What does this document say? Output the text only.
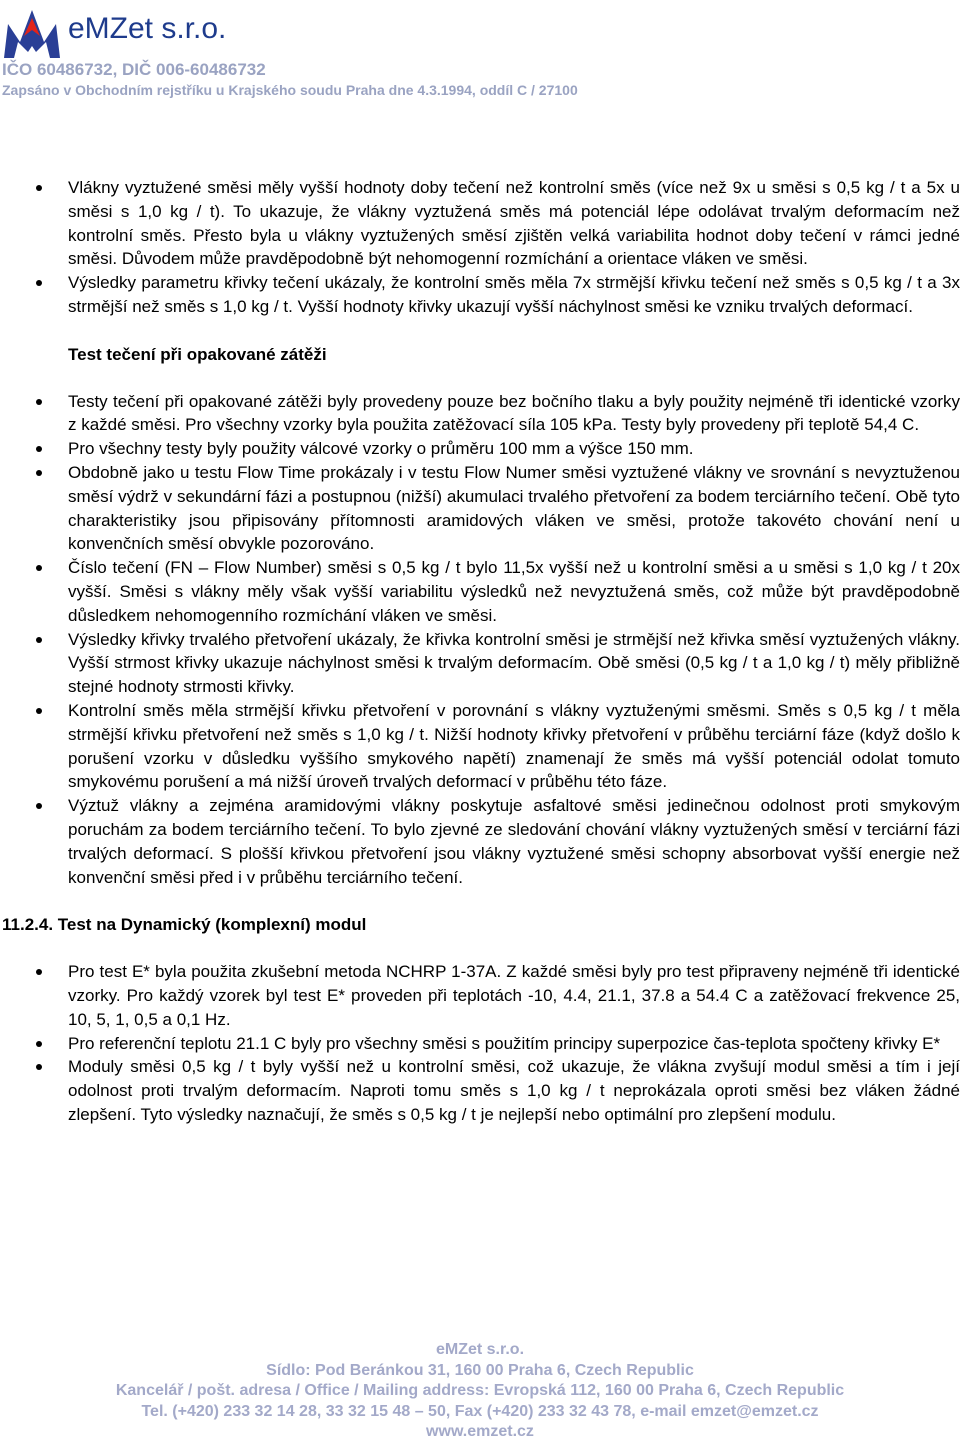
eMZet s.r.o.
IČO 60486732, DIČ 006-60486732
Zapsáno v Obchodním rejstříku u Krajského soudu Praha dne 4.3.1994, oddíl C / 27100
Vlákny vyztužené směsi měly vyšší hodnoty doby tečení než kontrolní směs (více než 9x u směsi s 0,5 kg / t a 5x u směsi s 1,0 kg / t). To ukazuje, že vlákny vyztužená směs má potenciál lépe odolávat trvalým deformacím než kontrolní směs. Přesto byla u vlákny vyztužených směsí zjištěn velká variabilita hodnot doby tečení v rámci jedné směsi. Důvodem může pravděpodobně být nehomogenní rozmíchání a orientace vláken ve směsi.
Výsledky parametru křivky tečení ukázaly, že kontrolní směs měla 7x strmější křivku tečení než směs s 0,5 kg / t a 3x strmější než směs s 1,0 kg / t. Vyšší hodnoty křivky ukazují vyšší náchylnost směsi ke vzniku trvalých deformací.
Test tečení při opakované zátěži
Testy tečení při opakované zátěži byly provedeny pouze bez bočního tlaku a byly použity nejméně tři identické vzorky z každé směsi. Pro všechny vzorky byla použita zatěžovací síla 105 kPa. Testy byly provedeny při teplotě 54,4 C.
Pro všechny testy byly použity válcové vzorky o průměru 100 mm a výšce 150 mm.
Obdobně jako u testu Flow Time prokázaly i v testu Flow Numer směsi vyztužené vlákny ve srovnání s nevyztuženou směsí výdrž v sekundární fázi a postupnou (nižší) akumulaci trvalého přetvoření za bodem terciárního tečení. Obě tyto charakteristiky jsou připisovány přítomnosti aramidových vláken ve směsi, protože takovéto chování není u konvenčních směsí obvykle pozorováno.
Číslo tečení (FN – Flow Number) směsi s 0,5 kg / t bylo 11,5x vyšší než u kontrolní směsi a u směsi s 1,0 kg / t 20x vyšší. Směsi s vlákny měly však vyšší variabilitu výsledků než nevyztužená směs, což může být pravděpodobně důsledkem nehomogenního rozmíchání vláken ve směsi.
Výsledky křivky trvalého přetvoření ukázaly, že křivka kontrolní směsi je strmější než křivka směsí vyztužených vlákny. Vyšší strmost křivky ukazuje náchylnost směsi k trvalým deformacím. Obě směsi (0,5 kg / t a 1,0 kg / t) měly přibližně stejné hodnoty strmosti křivky.
Kontrolní směs měla strmější křivku přetvoření v porovnání s vlákny vyztuženými směsmi. Směs s 0,5 kg / t měla strmější křivku přetvoření než směs s 1,0 kg / t. Nižší hodnoty křivky přetvoření v průběhu terciární fáze (když došlo k porušení vzorku v důsledku vyššího smykového napětí) znamenají že směs má vyšší potenciál odolat tomuto smykovému porušení a má nižší úroveň trvalých deformací v průběhu této fáze.
Výztuž vlákny a zejména aramidovými vlákny poskytuje asfaltové směsi jedinečnou odolnost proti smykovým poruchám za bodem terciárního tečení. To bylo zjevné ze sledování chování vlákny vyztužených směsí v terciární fázi trvalých deformací. S plošší křivkou přetvoření jsou vlákny vyztužené směsi schopny absorbovat vyšší energie než konvenční směsi před i v průběhu terciárního tečení.
11.2.4. Test na Dynamický (komplexní) modul
Pro test E* byla použita zkušební metoda NCHRP 1-37A. Z každé směsi byly pro test připraveny nejméně tři identické vzorky. Pro každý vzorek byl test E* proveden při teplotách -10, 4.4, 21.1, 37.8 a 54.4 C a zatěžovací frekvence 25, 10, 5, 1, 0,5 a 0,1 Hz.
Pro referenční teplotu 21.1 C byly pro všechny směsi s použitím principy superpozice čas-teplota spočteny křivky E*
Moduly směsi 0,5 kg / t byly vyšší než u kontrolní směsi, což ukazuje, že vlákna zvyšují modul směsi a tím i její odolnost proti trvalým deformacím. Naproti tomu směs s 1,0 kg / t neprokázala oproti směsi bez vláken žádné zlepšení. Tyto výsledky naznačují, že směs s 0,5 kg / t je nejlepší nebo optimální pro zlepšení modulu.
eMZet s.r.o.
Sídlo: Pod Beránkou 31, 160 00 Praha 6, Czech Republic
Kancelář / pošt. adresa / Office / Mailing address: Evropská 112, 160 00 Praha 6, Czech Republic
Tel. (+420) 233 32 14 28, 33 32 15 48 – 50, Fax (+420) 233 32 43 78, e-mail emzet@emzet.cz
www.emzet.cz
